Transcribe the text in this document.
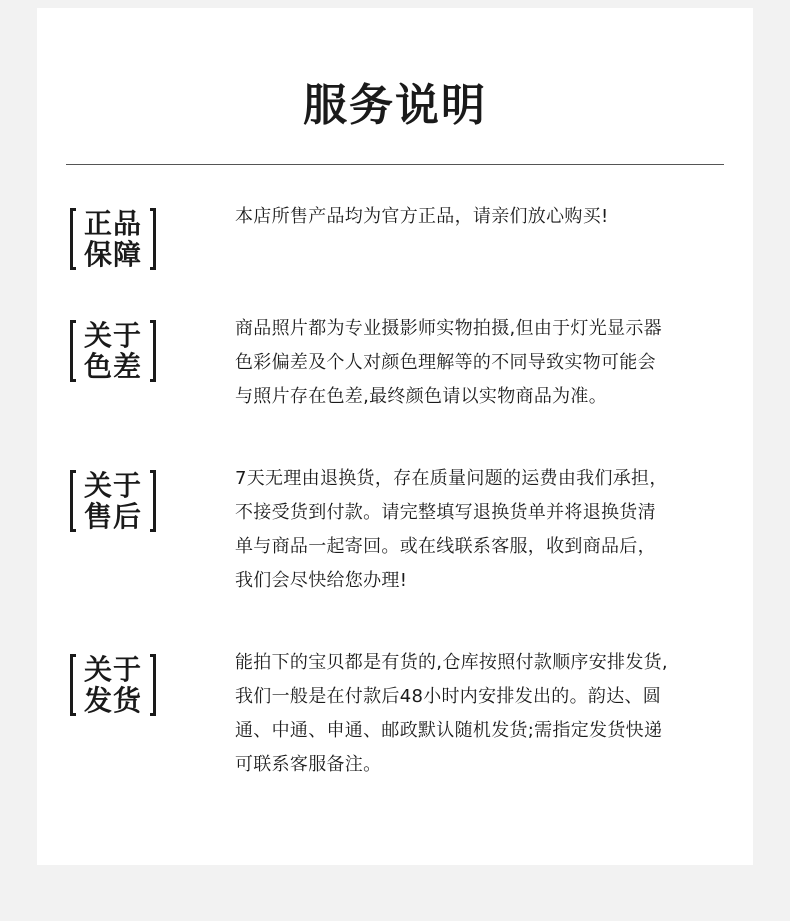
服务说明
正品
保障
本店所售产品均为官方正品，请亲们放心购买!
关于
色差
商品照片都为专业摄影师实物拍摄,但由于灯光显示器
色彩偏差及个人对颜色理解等的不同导致实物可能会
与照片存在色差,最终颜色请以实物商品为准。
关于
售后
7天无理由退换货，存在质量问题的运费由我们承担，
不接受货到付款。请完整填写退换货单并将退换货清
单与商品一起寄回。或在线联系客服，收到商品后，
我们会尽快给您办理!
关于
发货
能拍下的宝贝都是有货的,仓库按照付款顺序安排发货,
我们一般是在付款后48小时内安排发出的。韵达、圆
通、中通、申通、邮政默认随机发货;需指定发货快递
可联系客服备注。
